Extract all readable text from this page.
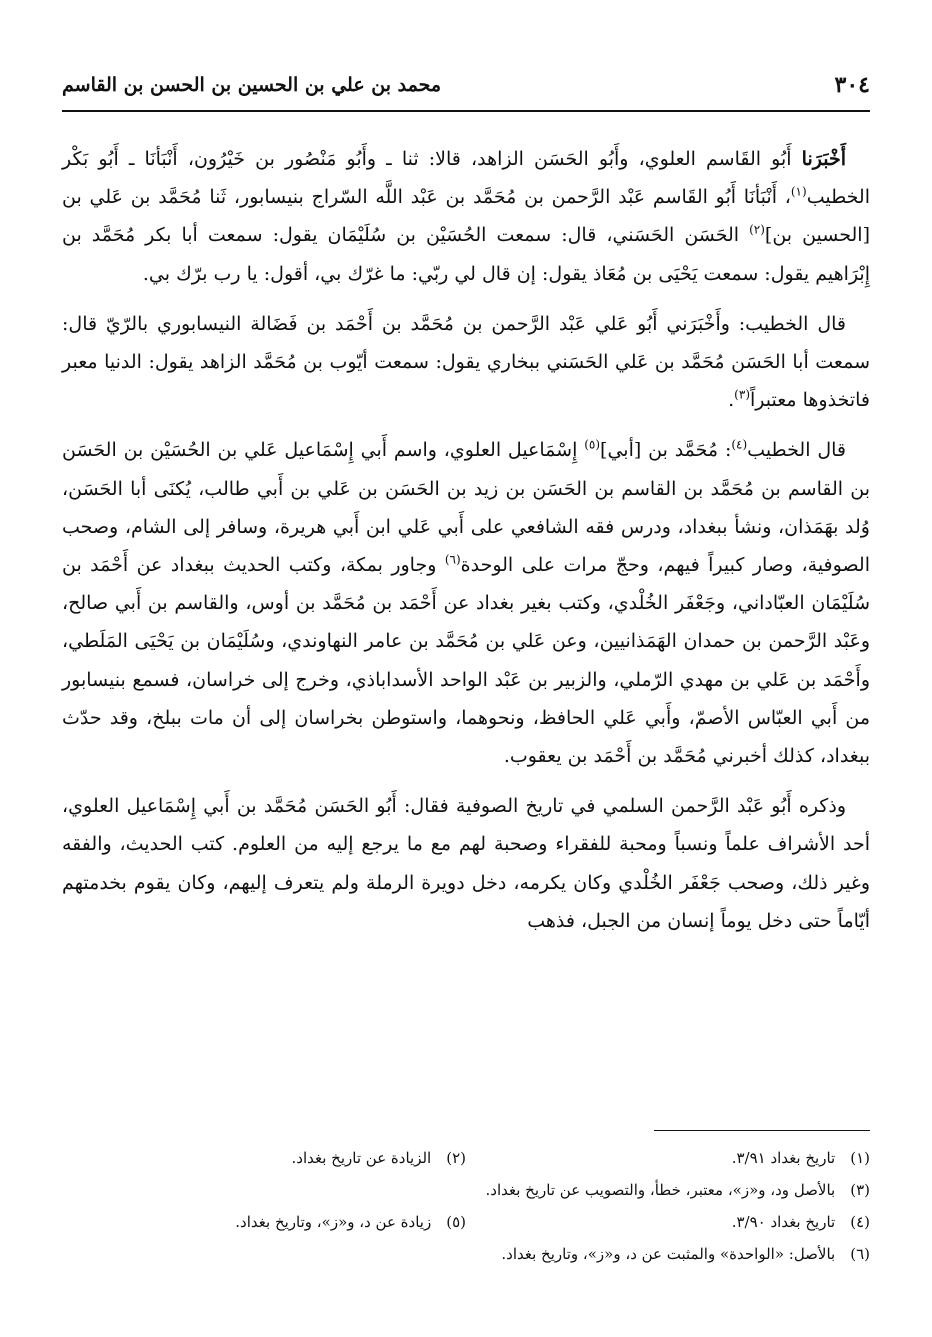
٣٠٤
محمد بن علي بن الحسين بن الحسن بن القاسم

أَخْبَرَنا أَبُو القَاسم العلوي، وأَبُو الحَسَن الزاهد، قالا: ثنا ـ وأَبُو مَنْصُور بن خَيْرُون، أَنْبَأنَا ـ أَبُو بَكْر الخطيب$^{(١)}$، أَنْبَأنَا أَبُو القَاسم عَبْد الرَّحمن بن مُحَمَّد بن عَبْد اللَّه السّراج بنيسابور، ثَنا مُحَمَّد بن عَلي بن [الحسين بن]$^{(٢)}$ الحَسَن الحَسَني، قال: سمعت الحُسَيْن بن سُلَيْمَان يقول: سمعت أبا بكر مُحَمَّد بن إِبْرَاهيم يقول: سمعت يَحْيَى بن مُعَاذ يقول: إن قال لي ربّي: ما غرّك بي، أقول: يا رب برّك بي.

قال الخطيب: وأَخْبَرَني أَبُو عَلي عَبْد الرَّحمن بن مُحَمَّد بن أَحْمَد بن فَضَالة النيسابوري بالرّيّ قال: سمعت أبا الحَسَن مُحَمَّد بن عَلي الحَسَني ببخاري يقول: سمعت أيّوب بن مُحَمَّد الزاهد يقول: الدنيا معبر فاتخذوها معتبراً$^{(٣)}$.

قال الخطيب$^{(٤)}$: مُحَمَّد بن [أبي]$^{(٥)}$ إِسْمَاعيل العلوي، واسم أَبي إِسْمَاعيل عَلي بن الحُسَيْن بن الحَسَن بن القاسم بن مُحَمَّد بن القاسم بن الحَسَن بن زيد بن الحَسَن بن عَلي بن أَبي طالب، يُكنَى أبا الحَسَن، وُلد بهَمَذان، ونشأ ببغداد، ودرس فقه الشافعي على أَبي عَلي ابن أَبي هريرة، وسافر إلى الشام، وصحب الصوفية، وصار كبيراً فيهم، وحجّ مرات على الوحدة$^{(٦)}$ وجاور بمكة، وكتب الحديث ببغداد عن أَحْمَد بن سُلَيْمَان العبّاداني، وجَعْفَر الخُلْدي، وكتب بغير بغداد عن أَحْمَد بن مُحَمَّد بن أوس، والقاسم بن أَبي صالح، وعَبْد الرَّحمن بن حمدان الهَمَذانيين، وعن عَلي بن مُحَمَّد بن عامر النهاوندي، وسُلَيْمَان بن يَحْيَى المَلَطي، وأَحْمَد بن عَلي بن مهدي الرّملي، والزبير بن عَبْد الواحد الأسداباذي، وخرج إلى خراسان، فسمع بنيسابور من أَبي العبّاس الأصمّ، وأَبي عَلي الحافظ، ونحوهما، واستوطن بخراسان إلى أن مات ببلخ، وقد حدّث ببغداد، كذلك أخبرني مُحَمَّد بن أَحْمَد بن يعقوب.

وذكره أَبُو عَبْد الرَّحمن السلمي في تاريخ الصوفية فقال: أَبُو الحَسَن مُحَمَّد بن أَبي إِسْمَاعيل العلوي، أحد الأشراف علماً ونسباً ومحبة للفقراء وصحبة لهم مع ما يرجع إليه من العلوم. كتب الحديث، والفقه وغير ذلك، وصحب جَعْفَر الخُلْدي وكان يكرمه، دخل دويرة الرملة ولم يتعرف إليهم، وكان يقوم بخدمتهم أيّاماً حتى دخل يوماً إنسان من الجبل، فذهب

(١) تاريخ بغداد ٣/٩١.
(٢) الزيادة عن تاريخ بغداد.
(٣) بالأصل ود، و«ز»، معتبر، خطأ، والتصويب عن تاريخ بغداد.
(٤) تاريخ بغداد ٣/٩٠.
(٥) زيادة عن د، و«ز»، وتاريخ بغداد.
(٦) بالأصل: «الواحدة» والمثبت عن د، و«ز»، وتاريخ بغداد.
